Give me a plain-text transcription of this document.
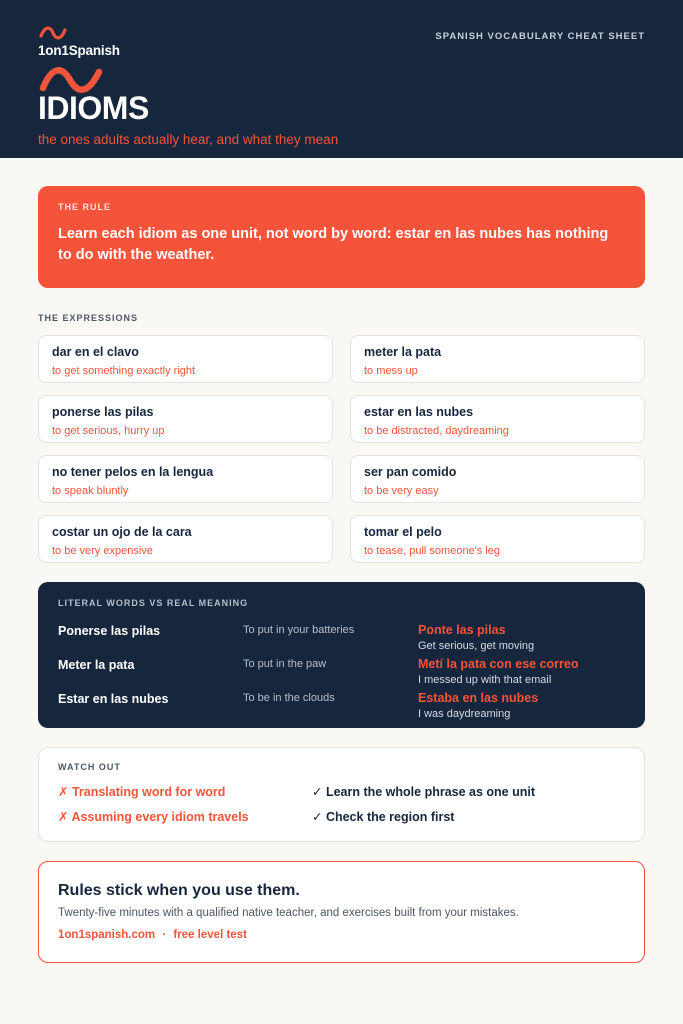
1on1Spanish
SPANISH VOCABULARY CHEAT SHEET
IDIOMS
the ones adults actually hear, and what they mean
THE RULE
Learn each idiom as one unit, not word by word: estar en las nubes has nothing to do with the weather.
THE EXPRESSIONS
dar en el clavo
to get something exactly right
meter la pata
to mess up
ponerse las pilas
to get serious, hurry up
estar en las nubes
to be distracted, daydreaming
no tener pelos en la lengua
to speak bluntly
ser pan comido
to be very easy
costar un ojo de la cara
to be very expensive
tomar el pelo
to tease, pull someone's leg
LITERAL WORDS VS REAL MEANING
Ponerse las pilas	To put in your batteries	Ponte las pilas
Get serious, get moving
Meter la pata	To put in the paw	Metí la pata con ese correo
I messed up with that email
Estar en las nubes	To be in the clouds	Estaba en las nubes
I was daydreaming
WATCH OUT
✗ Translating word for word
✗ Assuming every idiom travels
✓ Learn the whole phrase as one unit
✓ Check the region first
Rules stick when you use them.
Twenty-five minutes with a qualified native teacher, and exercises built from your mistakes.
1on1spanish.com · free level test
